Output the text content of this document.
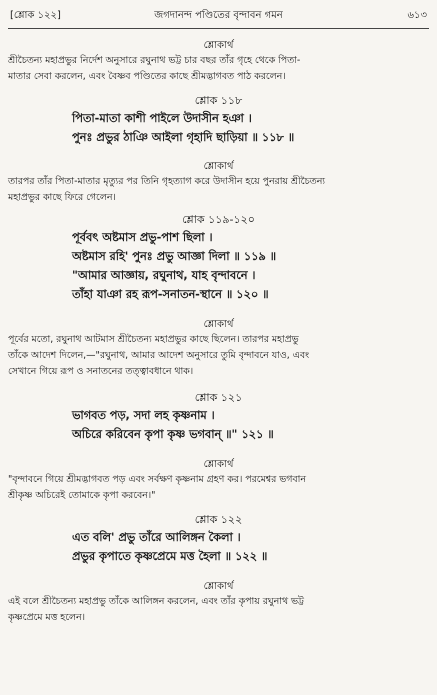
[শ্লোক ১২২]	জগদানন্দ পণ্ডিতের বৃন্দাবন গমন	৬১৩
শ্লোকার্থ
শ্রীচৈতন্য মহাপ্রভুর নির্দেশ অনুসারে রঘুনাথ ভট্ট চার বছর তাঁর গৃহে থেকে পিতা-
মাতার সেবা করলেন, এবং বৈষ্ণব পণ্ডিতের কাছে শ্রীমদ্ভাগবত পাঠ করলেন।
শ্লোক ১১৮
পিতা-মাতা কাশী পাইলে উদাসীন হঞা ।
পুনঃ প্রভুর ঠাঞি আইলা গৃহাদি ছাড়িয়া ॥ ১১৮ ॥
শ্লোকার্থ
তারপর তাঁর পিতা-মাতার মৃত্যুর পর তিনি গৃহত্যাগ করে উদাসীন হয়ে পুনরায় শ্রীচৈতন্য
মহাপ্রভুর কাছে ফিরে গেলেন।
শ্লোক ১১৯-১২০
পূর্ববৎ অষ্টমাস প্রভু-পাশ ছিলা ।
অষ্টমাস রহি' পুনঃ প্রভু আজ্ঞা দিলা ॥ ১১৯ ॥
"আমার আজ্ঞায়, রঘুনাথ, যাহ বৃন্দাবনে ।
তাঁহা যাঞা রহ রূপ-সনাতন-স্থানে ॥ ১২০ ॥
শ্লোকার্থ
পূর্বের মতো, রঘুনাথ আটমাস শ্রীচৈতন্য মহাপ্রভুর কাছে ছিলেন। তারপর মহাপ্রভু
তাঁকে আদেশ দিলেন,—"রঘুনাথ, আমার আদেশ অনুসারে তুমি বৃন্দাবনে যাও, এবং
সেখানে গিয়ে রূপ ও সনাতনের তত্ত্বাবধানে থাক।
শ্লোক ১২১
ভাগবত পড়, সদা লহ কৃষ্ণনাম ।
অচিরে করিবেন কৃপা কৃষ্ণ ভগবান্ ॥" ১২১ ॥
শ্লোকার্থ
"বৃন্দাবনে গিয়ে শ্রীমদ্ভাগবত পড় এবং সর্বক্ষণ কৃষ্ণনাম গ্রহণ কর। পরমেশ্বর ভগবান
শ্রীকৃষ্ণ অচিরেই তোমাকে কৃপা করবেন।"
শ্লোক ১২২
এত বলি' প্রভু তাঁরে আলিঙ্গন কৈলা ।
প্রভুর কৃপাতে কৃষ্ণপ্রেমে মত্ত হৈলা ॥ ১২২ ॥
শ্লোকার্থ
এই বলে শ্রীচৈতন্য মহাপ্রভু তাঁকে আলিঙ্গন করলেন, এবং তাঁর কৃপায় রঘুনাথ ভট্ট
কৃষ্ণপ্রেমে মত্ত হলেন।
